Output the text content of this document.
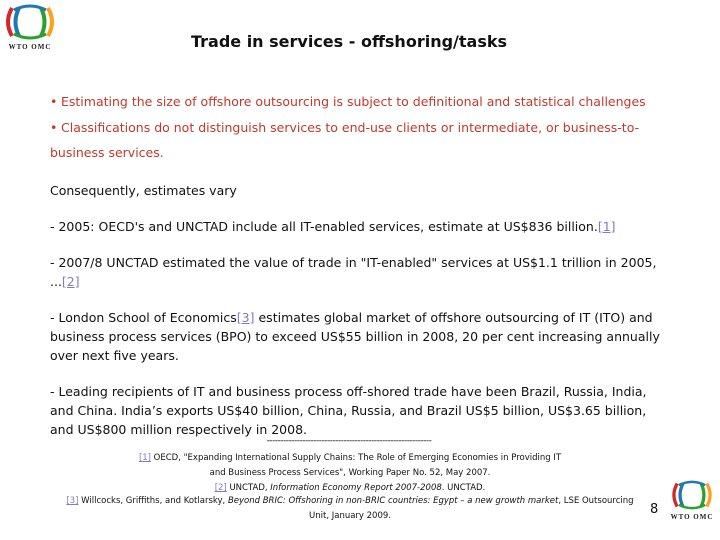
WTO OMC	Trade in services - offshoring/tasks
• Estimating the size of offshore outsourcing is subject to definitional and statistical challenges
• Classifications do not distinguish services to end-use clients or intermediate, or business-to-
business services.
Consequently, estimates vary
- 2005: OECD's and UNCTAD include all IT-enabled services, estimate at US$836 billion.[1]
- 2007/8 UNCTAD estimated the value of trade in "IT-enabled" services at US$1.1 trillion in 2005, ...[2]
- London School of Economics[3] estimates global market of offshore outsourcing of IT (ITO) and business process services (BPO) to exceed US$55 billion in 2008, 20 per cent increasing annually over next five years.
- Leading recipients of IT and business process off-shored trade have been Brazil, Russia, India, and China. India’s exports US$40 billion, China, Russia, and Brazil US$5 billion, US$3.65 billion, and US$800 million respectively in 2008.
------------------------------------------------------------
[1] OECD, "Expanding International Supply Chains: The Role of Emerging Economies in Providing IT
and Business Process Services", Working Paper No. 52, May 2007.
[2] UNCTAD, Information Economy Report 2007-2008. UNCTAD.
[3] Willcocks, Griffiths, and Kotlarsky, Beyond BRIC: Offshoring in non-BRIC countries: Egypt – a new growth market, LSE Outsourcing
Unit, January 2009.	8 WTO OMC
